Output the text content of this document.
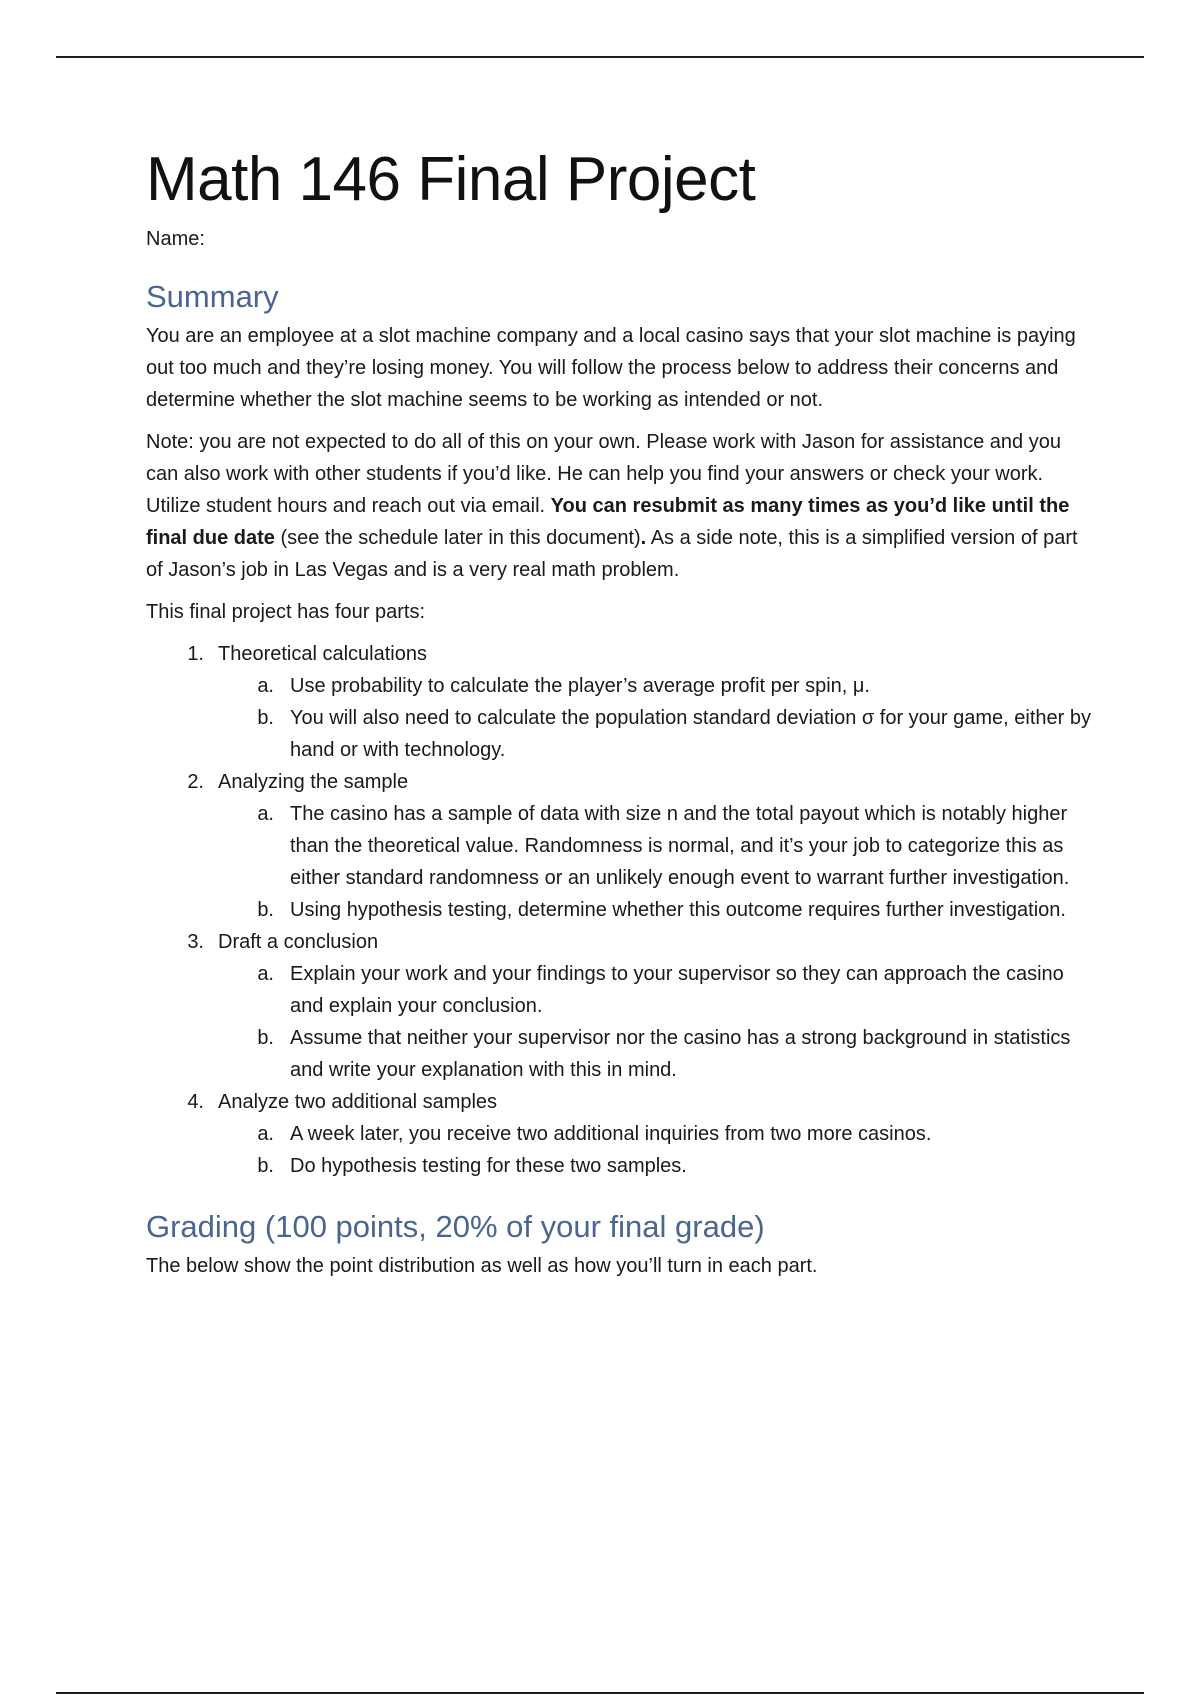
Math 146 Final Project
Name:
Summary

You are an employee at a slot machine company and a local casino says that your slot machine is paying out too much and they’re losing money. You will follow the process below to address their concerns and determine whether the slot machine seems to be working as intended or not.

Note: you are not expected to do all of this on your own. Please work with Jason for assistance and you can also work with other students if you’d like. He can help you find your answers or check your work. Utilize student hours and reach out via email. You can resubmit as many times as you’d like until the final due date (see the schedule later in this document). As a side note, this is a simplified version of part of Jason’s job in Las Vegas and is a very real math problem.

This final project has four parts:

1. Theoretical calculations
a. Use probability to calculate the player’s average profit per spin, μ.
b. You will also need to calculate the population standard deviation σ for your game, either by hand or with technology.
2. Analyzing the sample
a. The casino has a sample of data with size n and the total payout which is notably higher than the theoretical value. Randomness is normal, and it’s your job to categorize this as either standard randomness or an unlikely enough event to warrant further investigation.
b. Using hypothesis testing, determine whether this outcome requires further investigation.
3. Draft a conclusion
a. Explain your work and your findings to your supervisor so they can approach the casino and explain your conclusion.
b. Assume that neither your supervisor nor the casino has a strong background in statistics and write your explanation with this in mind.
4. Analyze two additional samples
a. A week later, you receive two additional inquiries from two more casinos.
b. Do hypothesis testing for these two samples.
Grading (100 points, 20% of your final grade)

The below show the point distribution as well as how you’ll turn in each part.
